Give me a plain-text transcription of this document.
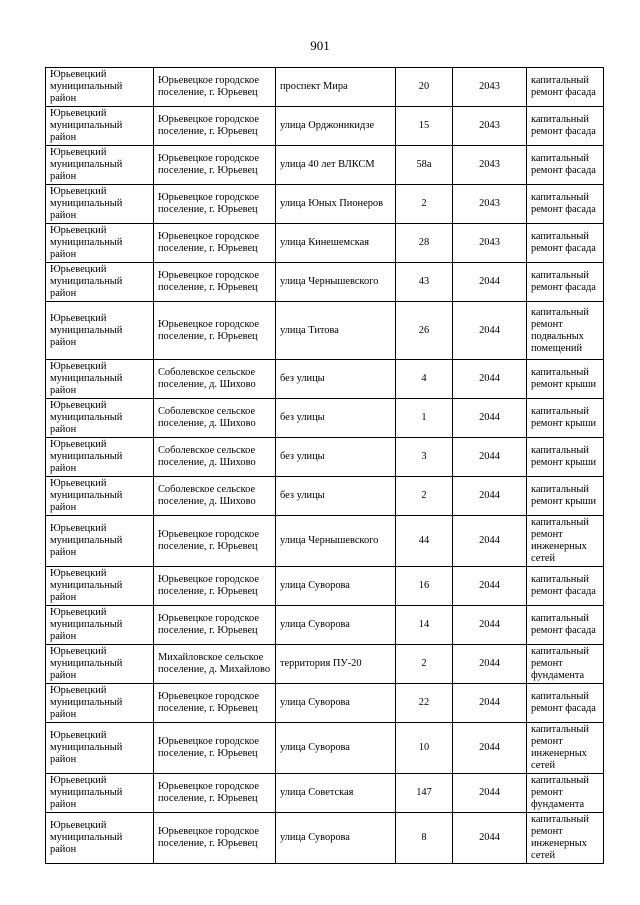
901
Юрьевецкий муниципальный район	Юрьевецкое городское поселение, г. Юрьевец	проспект Мира	20	2043	капитальный ремонт фасада
Юрьевецкий муниципальный район	Юрьевецкое городское поселение, г. Юрьевец	улица Орджоникидзе	15	2043	капитальный ремонт фасада
Юрьевецкий муниципальный район	Юрьевецкое городское поселение, г. Юрьевец	улица 40 лет ВЛКСМ	58а	2043	капитальный ремонт фасада
Юрьевецкий муниципальный район	Юрьевецкое городское поселение, г. Юрьевец	улица Юных Пионеров	2	2043	капитальный ремонт фасада
Юрьевецкий муниципальный район	Юрьевецкое городское поселение, г. Юрьевец	улица Кинешемская	28	2043	капитальный ремонт фасада
Юрьевецкий муниципальный район	Юрьевецкое городское поселение, г. Юрьевец	улица Чернышевского	43	2044	капитальный ремонт фасада
Юрьевецкий муниципальный район	Юрьевецкое городское поселение, г. Юрьевец	улица Титова	26	2044	капитальный ремонт подвальных помещений
Юрьевецкий муниципальный район	Соболевское сельское поселение, д. Шихово	без улицы	4	2044	капитальный ремонт крыши
Юрьевецкий муниципальный район	Соболевское сельское поселение, д. Шихово	без улицы	1	2044	капитальный ремонт крыши
Юрьевецкий муниципальный район	Соболевское сельское поселение, д. Шихово	без улицы	3	2044	капитальный ремонт крыши
Юрьевецкий муниципальный район	Соболевское сельское поселение, д. Шихово	без улицы	2	2044	капитальный ремонт крыши
Юрьевецкий муниципальный район	Юрьевецкое городское поселение, г. Юрьевец	улица Чернышевского	44	2044	капитальный ремонт инженерных сетей
Юрьевецкий муниципальный район	Юрьевецкое городское поселение, г. Юрьевец	улица Суворова	16	2044	капитальный ремонт фасада
Юрьевецкий муниципальный район	Юрьевецкое городское поселение, г. Юрьевец	улица Суворова	14	2044	капитальный ремонт фасада
Юрьевецкий муниципальный район	Михайловское сельское поселение, д. Михайлово	территория ПУ-20	2	2044	капитальный ремонт фундамента
Юрьевецкий муниципальный район	Юрьевецкое городское поселение, г. Юрьевец	улица Суворова	22	2044	капитальный ремонт фасада
Юрьевецкий муниципальный район	Юрьевецкое городское поселение, г. Юрьевец	улица Суворова	10	2044	капитальный ремонт инженерных сетей
Юрьевецкий муниципальный район	Юрьевецкое городское поселение, г. Юрьевец	улица Советская	147	2044	капитальный ремонт фундамента
Юрьевецкий муниципальный район	Юрьевецкое городское поселение, г. Юрьевец	улица Суворова	8	2044	капитальный ремонт инженерных сетей
